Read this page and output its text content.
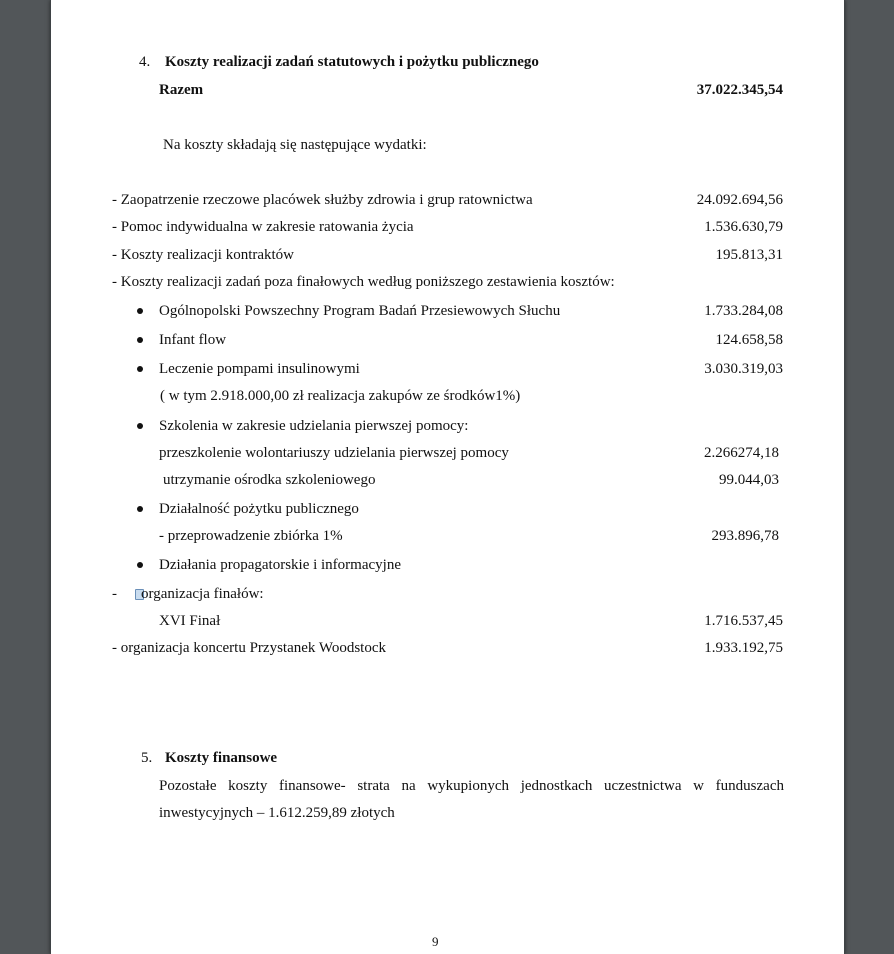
4. Koszty realizacji zadań statutowych i pożytku publicznego
Razem	37.022.345,54
Na koszty składają się następujące wydatki:
- Zaopatrzenie rzeczowe placówek służby zdrowia i grup ratownictwa	24.092.694,56
- Pomoc indywidualna w zakresie ratowania życia	1.536.630,79
- Koszty realizacji kontraktów	195.813,31
- Koszty realizacji zadań poza finałowych według poniższego zestawienia kosztów:
Ogólnopolski Powszechny Program Badań Przesiewowych Słuchu	1.733.284,08
Infant flow	124.658,58
Leczenie pompami insulinowymi	3.030.319,03
( w tym 2.918.000,00 zł realizacja zakupów ze środków1%)
Szkolenia w zakresie udzielania pierwszej pomocy:
przeszkolenie wolontariuszy udzielania pierwszej pomocy	2.266274,18
utrzymanie ośrodka szkoleniowego	99.044,03
Działalność pożytku publicznego
- przeprowadzenie zbiórka 1%	293.896,78
Działania propagatorskie i informacyjne
- organizacja finałów:
XVI Finał	1.716.537,45
- organizacja koncertu Przystanek Woodstock	1.933.192,75
5. Koszty finansowe
Pozostałe koszty finansowe- strata na wykupionych jednostkach uczestnictwa w funduszach
inwestycyjnych – 1.612.259,89 złotych
9
